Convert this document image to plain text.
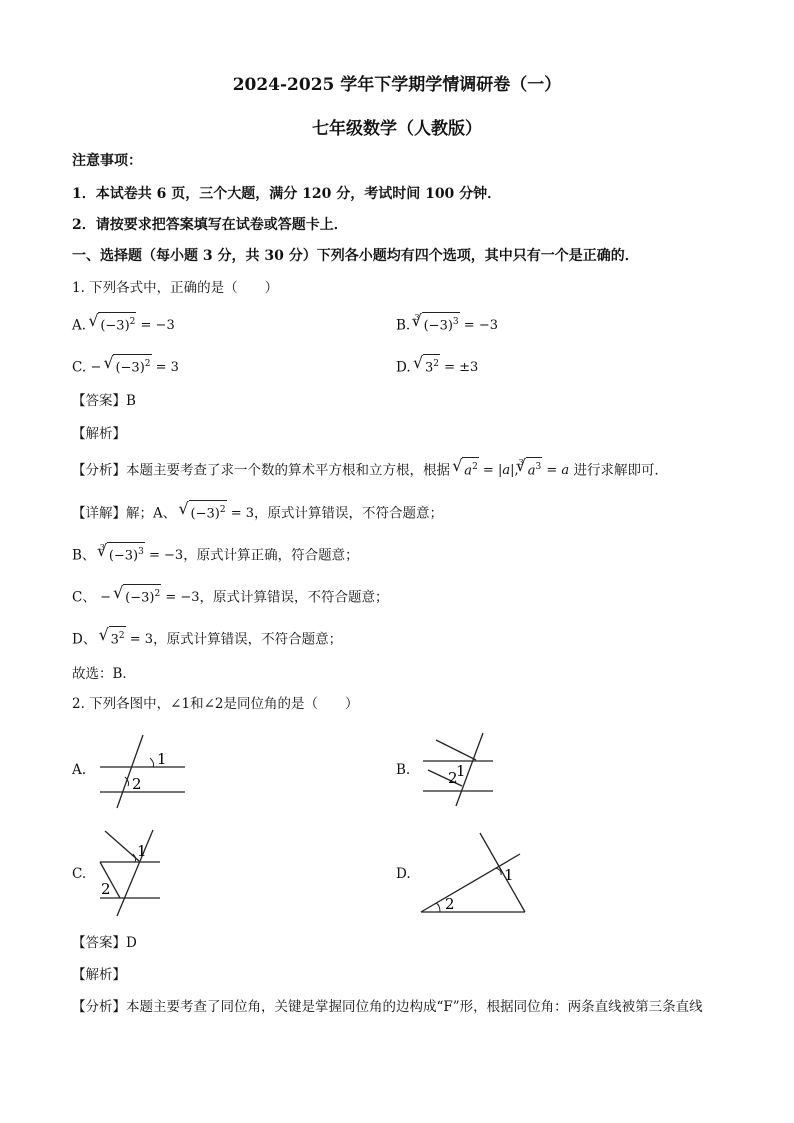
2024-2025 学年下学期学情调研卷（一）
七年级数学（人教版）
注意事项：
1．本试卷共 6 页，三个大题，满分 120 分，考试时间 100 分钟．
2．请按要求把答案填写在试卷或答题卡上．
一、选择题（每小题 3 分，共 30 分）下列各小题均有四个选项，其中只有一个是正确的．
1. 下列各式中，正确的是（　　）
A. √ $(-3)^2 = -3$	B. $^3$√ $(-3)^3 = -3$
C. − √ $(-3)^2 = 3$	D. √ $3^2 = \pm 3$
【答案】B
【解析】
【分析】本题主要考查了求一个数的算术平方根和立方根，根据 √ $a^2 = |a|,^3√$ $a^3 = a$ 进行求解即可．
【详解】解；A、 √ $(-3)^2 = 3$，原式计算错误，不符合题意；
B、 $^3$√ $(-3)^3 = -3$，原式计算正确，符合题意；
C、 − √ $(-3)^2 = -3$，原式计算错误，不符合题意；
D、 √ $3^2 = 3$，原式计算错误，不符合题意；
故选：B．
2. 下列各图中，∠1和∠2是同位角的是（　　）
A.
1
2
B.	1
2
C.
1
2
D.	1
2
【答案】D
【解析】
【分析】本题主要考查了同位角，关键是掌握同位角的边构成“F”形，根据同位角：两条直线被第三条直线
